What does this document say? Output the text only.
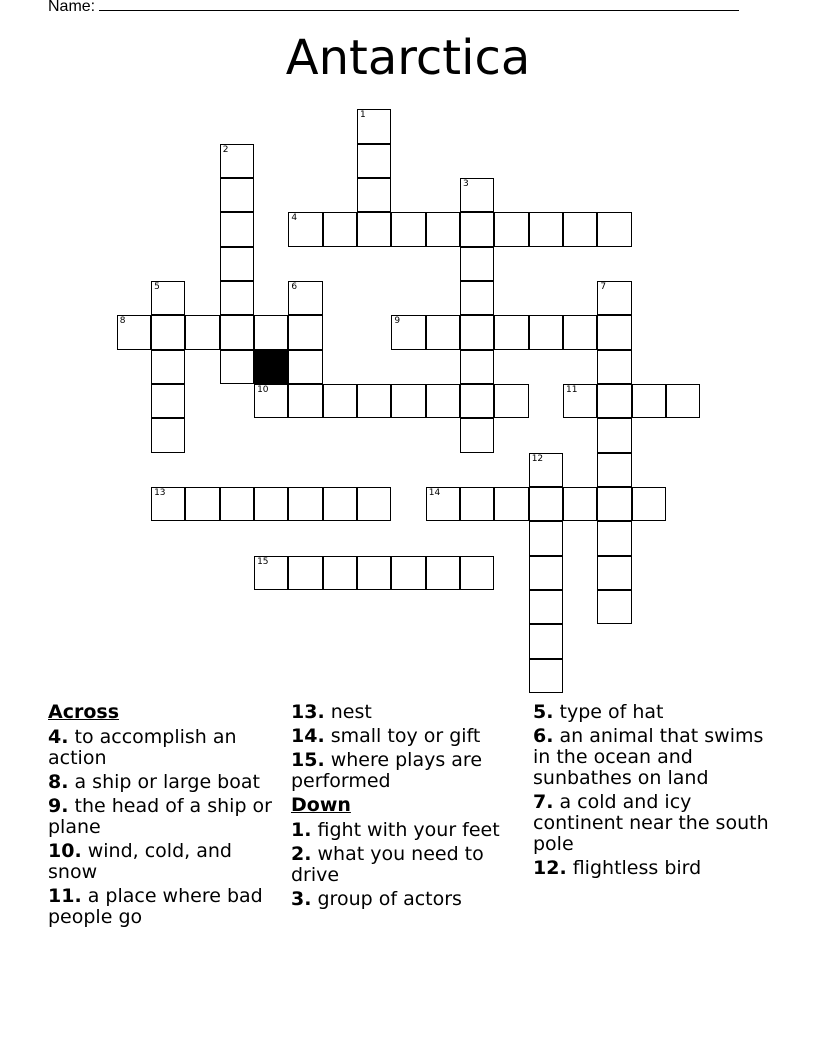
Name:
Antarctica
4
8	9
10	11
13	14
15
1
2
3
5	6	7
12
Across
4. to accomplish an action
8. a ship or large boat
9. the head of a ship or plane
10. wind, cold, and snow
11. a place where bad people go
13. nest
14. small toy or gift
15. where plays are performed
Down
1. fight with your feet
2. what you need to drive
3. group of actors
5. type of hat
6. an animal that swims in the ocean and sunbathes on land
7. a cold and icy continent near the south pole
12. flightless bird
